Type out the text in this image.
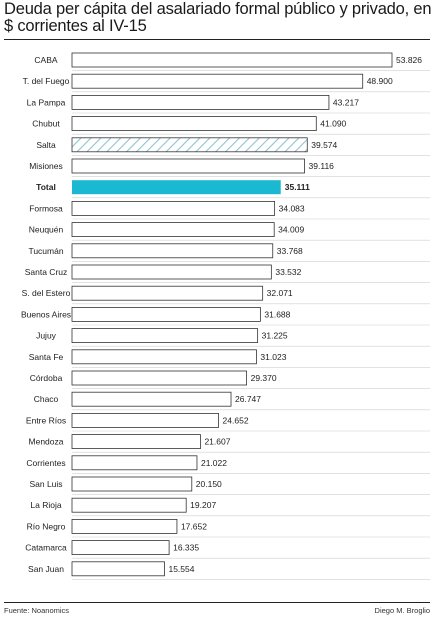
Deuda per cápita del asalariado formal público y privado, en $ corrientes al IV-15
CABA	53.826
T. del Fuego	48.900
La Pampa	43.217
Chubut	41.090
Salta	39.574
Misiones	39.116
Total	35.111
Formosa	34.083
Neuquén	34.009
Tucumán	33.768
Santa Cruz	33.532
S. del Estero	32.071
Buenos Aires	31.688
Jujuy	31.225
Santa Fe	31.023
Córdoba	29.370
Chaco	26.747
Entre Ríos	24.652
Mendoza	21.607
Corrientes	21.022
San Luis	20.150
La Rioja	19.207
Río Negro	17.652
Catamarca	16.335
San Juan	15.554
Fuente: Noanomics	Diego M. Broglio
